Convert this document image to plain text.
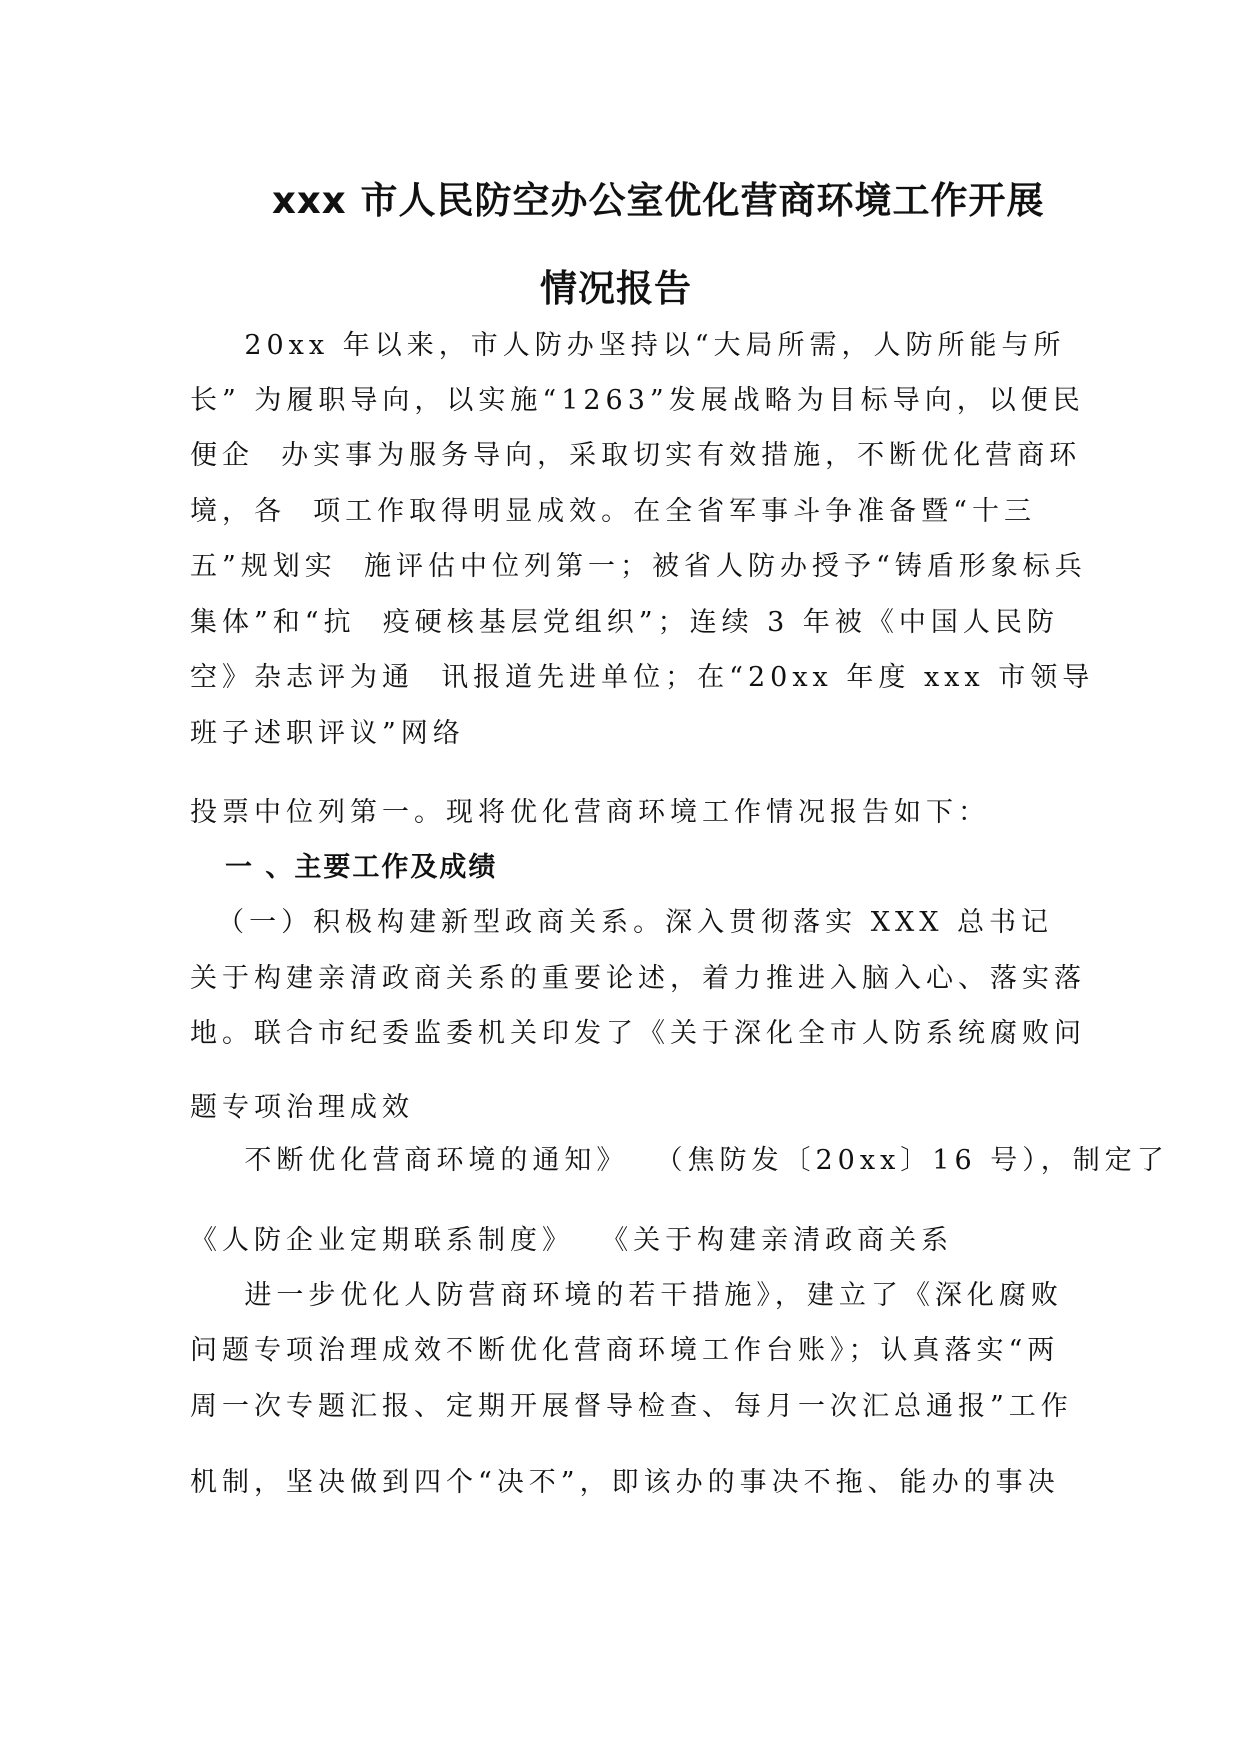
xxx 市人民防空办公室优化营商环境工作开展
情况报告
20xx 年以来，市人防办坚持以“大局所需，人防所能与所
长” 为履职导向，以实施“1263”发展战略为目标导向，以便民
便企  办实事为服务导向，采取切实有效措施，不断优化营商环
境，各  项工作取得明显成效。在全省军事斗争准备暨“十三
五”规划实  施评估中位列第一；被省人防办授予“铸盾形象标兵
集体”和“抗  疫硬核基层党组织”；连续 3 年被《中国人民防
空》杂志评为通  讯报道先进单位；在“20xx 年度 xxx 市领导
班子述职评议”网络
投票中位列第一。现将优化营商环境工作情况报告如下：
一 、主要工作及成绩
（一）积极构建新型政商关系。深入贯彻落实 XXX 总书记
关于构建亲清政商关系的重要论述，着力推进入脑入心、落实落
地。联合市纪委监委机关印发了《关于深化全市人防系统腐败问
题专项治理成效
不断优化营商环境的通知》  （焦防发〔20xx〕16 号），制定了
《人防企业定期联系制度》  《关于构建亲清政商关系
进一步优化人防营商环境的若干措施》，建立了《深化腐败
问题专项治理成效不断优化营商环境工作台账》；认真落实“两
周一次专题汇报、定期开展督导检查、每月一次汇总通报”工作
机制，坚决做到四个“决不”，即该办的事决不拖、能办的事决
